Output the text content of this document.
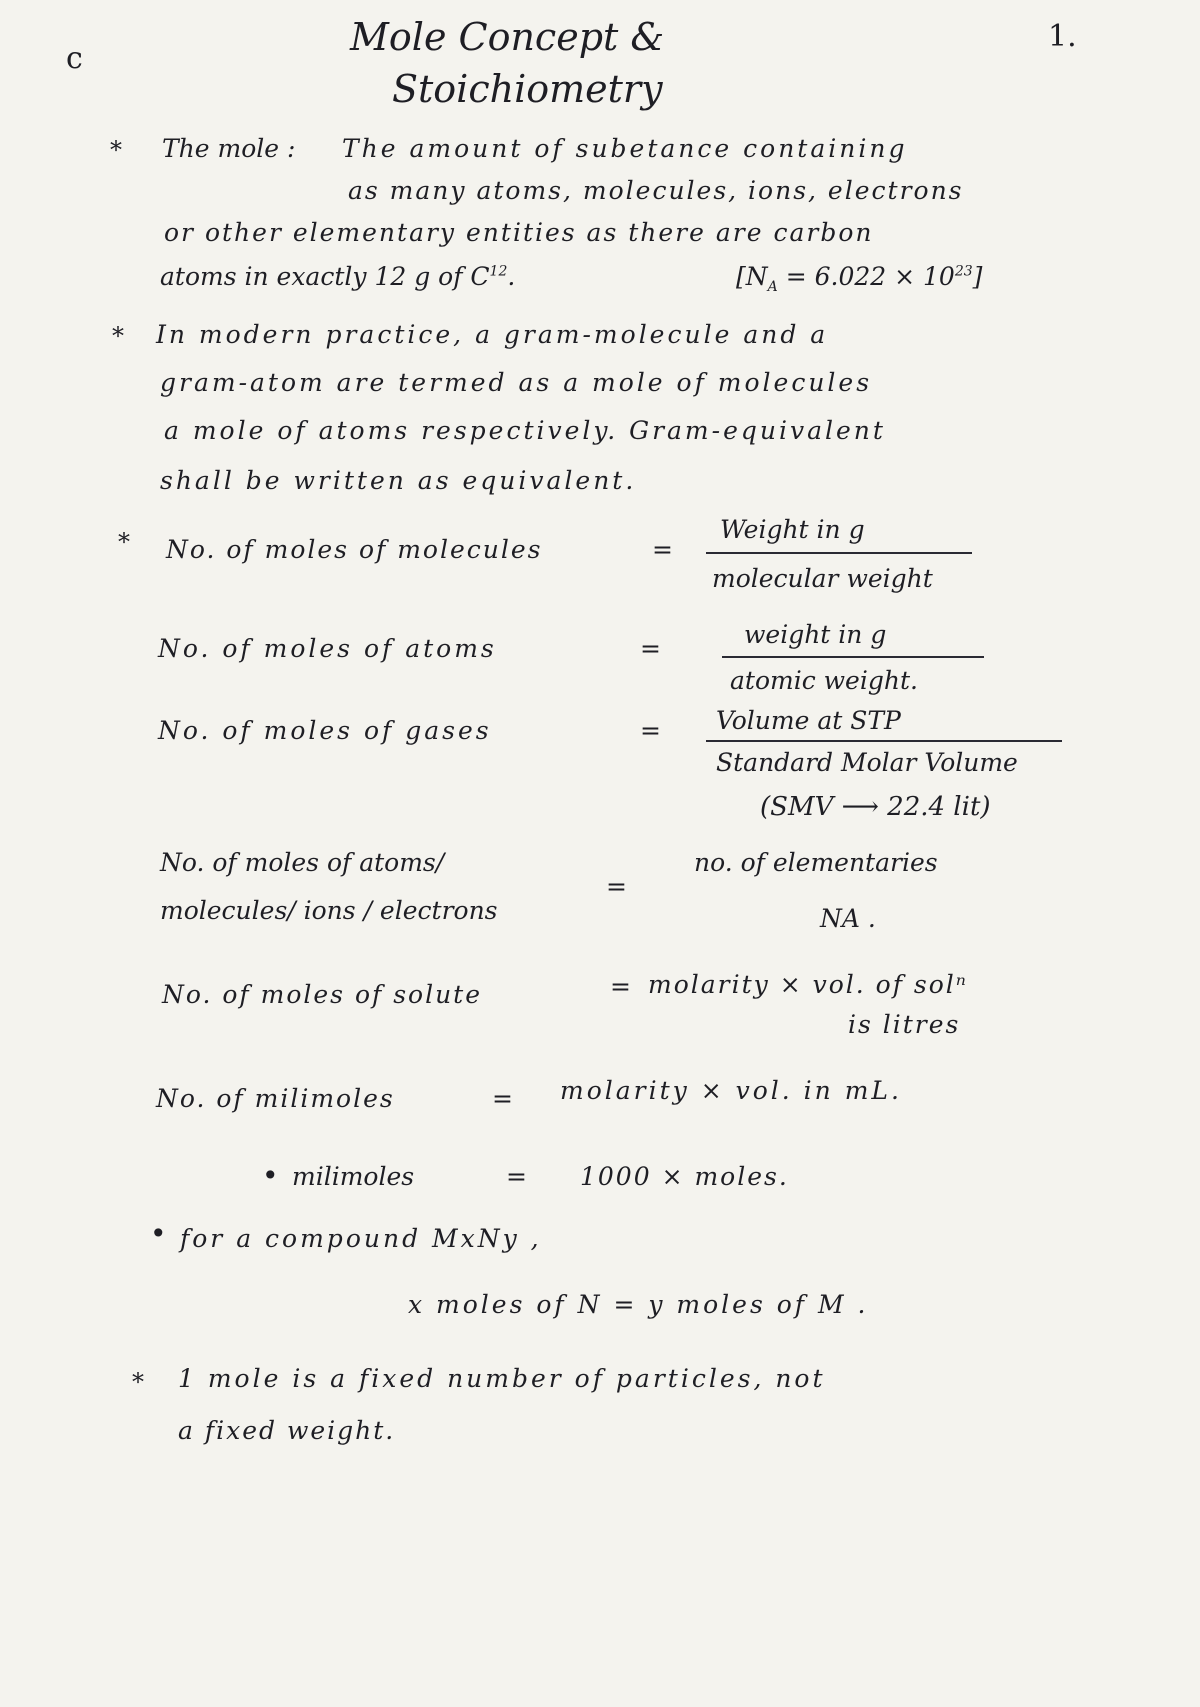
c
1.
Mole Concept &
Stoichiometry
* The mole : The amount of subetance containing
as many atoms, molecules, ions, electrons
or other elementary entities as there are carbon
atoms in exactly 12 g of $C^{12}$.	$[N_A = 6.022 \times 10^{23}]$
* In modern practice, a gram-molecule and a
gram-atom are termed as a mole of molecules
a mole of atoms respectively. Gram-equivalent
shall be written as equivalent.
* No. of moles of molecules	=
Weight in g
molecular weight
No. of moles of atoms	=	weight in g
atomic weight.
No. of moles of gases	= Volume at STP
Standard Molar Volume
(SMV ⟶ 22.4 lit)
No. of moles of atoms/
molecules/ ions / electrons
=
no. of elementaries
NA .
No. of moles of solute	= molarity × vol. of solⁿ
is litres
No. of milimoles	= molarity × vol. in mL.
• milimoles	= 1000 × moles.
• for a compound MxNy ,
x moles of N = y moles of M .
* 1 mole is a fixed number of particles, not
a fixed weight.
